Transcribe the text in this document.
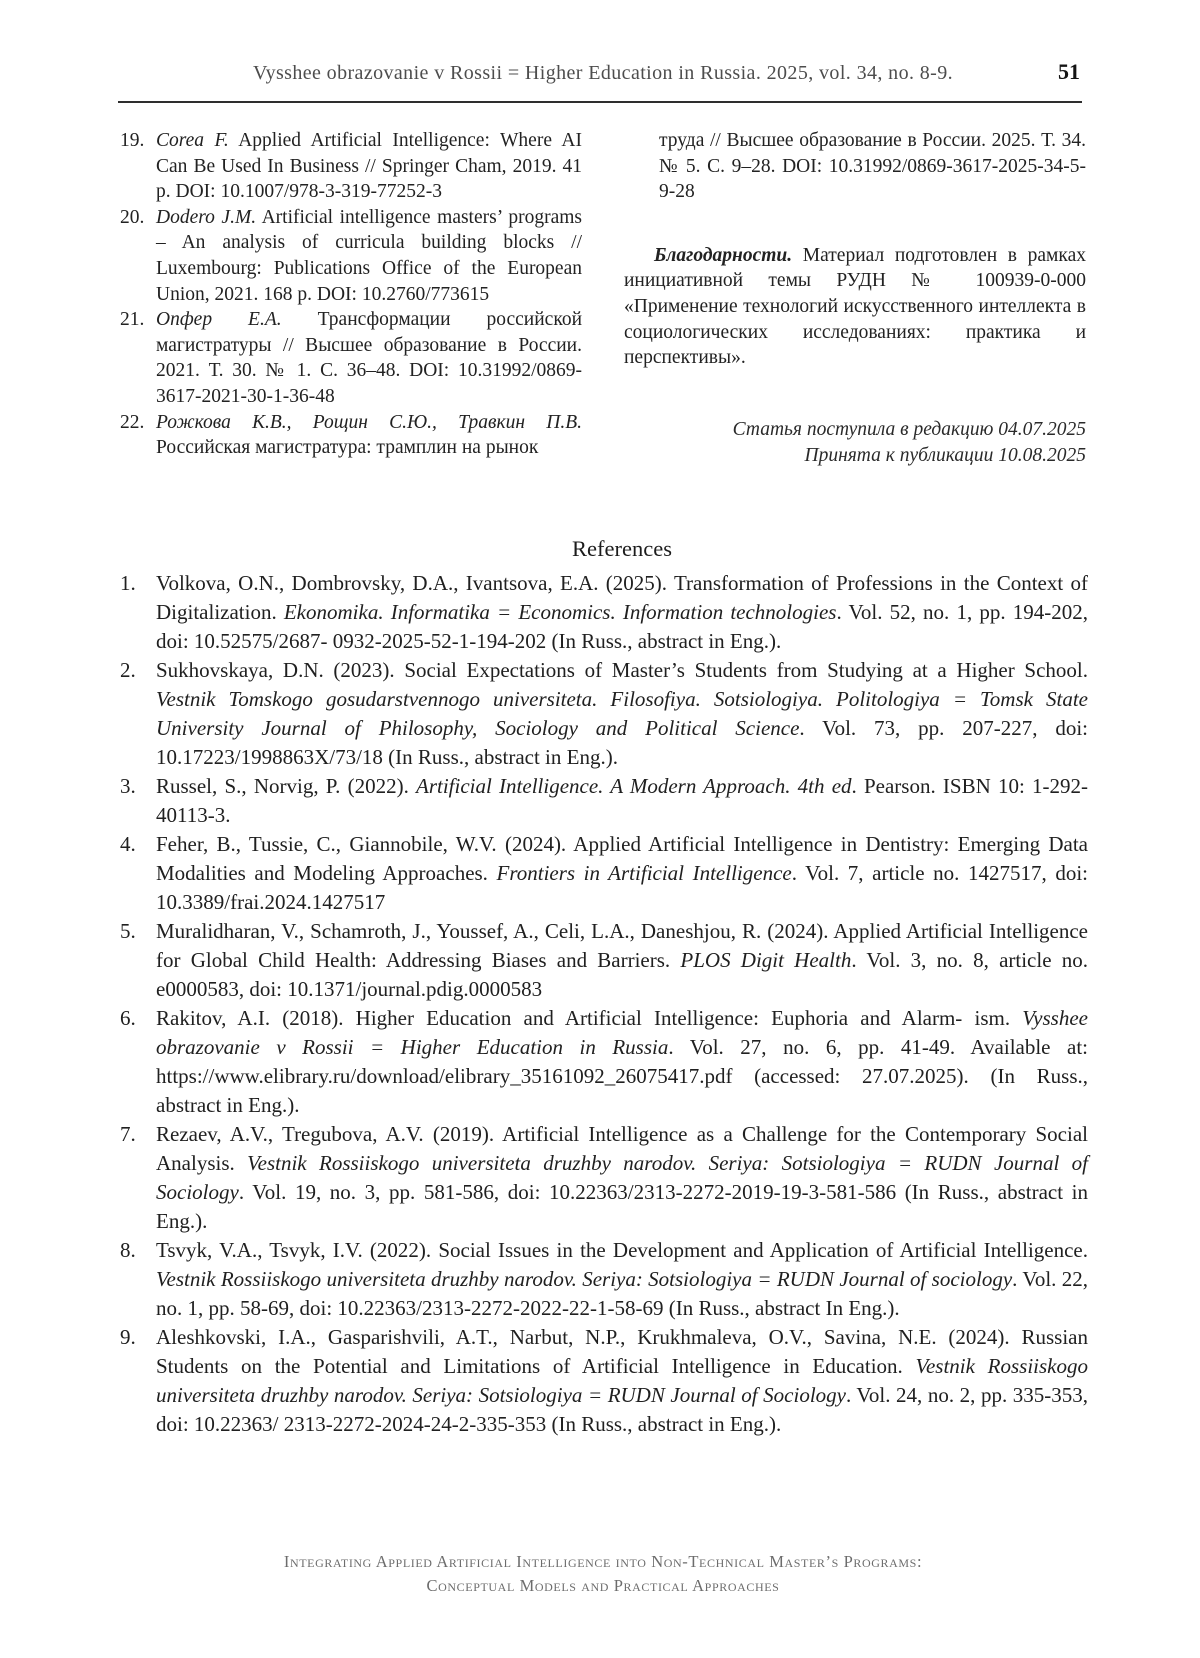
Vysshee obrazovanie v Rossii = Higher Education in Russia. 2025, vol. 34, no. 8-9.	51
19. Corea F. Applied Artificial Intelligence: Where AI Can Be Used In Business // Springer Cham, 2019. 41 p. DOI: 10.1007/978-3-319-77252-3
20. Dodero J.M. Artificial intelligence masters’ programs – An analysis of curricula building blocks // Luxembourg: Publications Office of the European Union, 2021. 168 p. DOI: 10.2760/773615
21. Опфер Е.А. Трансформации российской магистратуры // Высшее образование в России. 2021. Т. 30. № 1. С. 36–48. DOI: 10.31992/0869-3617-2021-30-1-36-48
22. Рожкова К.В., Рощин С.Ю., Травкин П.В. Российская магистратура: трамплин на рынок

труда // Высшее образование в России. 2025. Т. 34. № 5. С. 9–28. DOI: 10.31992/0869-3617-2025-34-5-9-28

Благодарности. Материал подготовлен в рамках инициативной темы РУДН № 100939-0-000 «Применение технологий искусственного интеллекта в социологических исследованиях: практика и перспективы».

Статья поступила в редакцию 04.07.2025

Принята к публикации 10.08.2025

References
1. Volkova, O.N., Dombrovsky, D.A., Ivantsova, E.A. (2025). Transformation of Professions in the Context of Digitalization. Ekonomika. Informatika = Economics. Information technologies. Vol. 52, no. 1, pp. 194-202, doi: 10.52575/2687- 0932-2025-52-1-194-202 (In Russ., abstract in Eng.).
2. Sukhovskaya, D.N. (2023). Social Expectations of Master’s Students from Studying at a Higher School. Vestnik Tomskogo gosudarstvennogo universiteta. Filosofiya. Sotsiologiya. Politologiya = Tomsk State University Journal of Philosophy, Sociology and Political Science. Vol. 73, pp. 207-227, doi: 10.17223/1998863X/73/18 (In Russ., abstract in Eng.).
3. Russel, S., Norvig, P. (2022). Artificial Intelligence. A Modern Approach. 4th ed. Pearson. ISBN 10: 1-292-40113-3.
4. Feher, B., Tussie, C., Giannobile, W.V. (2024). Applied Artificial Intelligence in Dentistry: Emerging Data Modalities and Modeling Approaches. Frontiers in Artificial Intelligence. Vol. 7, article no. 1427517, doi: 10.3389/frai.2024.1427517
5. Muralidharan, V., Schamroth, J., Youssef, A., Celi, L.A., Daneshjou, R. (2024). Applied Artificial Intelligence for Global Child Health: Addressing Biases and Barriers. PLOS Digit Health. Vol. 3, no. 8, article no. e0000583, doi: 10.1371/journal.pdig.0000583
6. Rakitov, A.I. (2018). Higher Education and Artificial Intelligence: Euphoria and Alarm- ism. Vysshee obrazovanie v Rossii = Higher Education in Russia. Vol. 27, no. 6, pp. 41-49. Available at: https://www.elibrary.ru/download/elibrary_35161092_26075417.pdf (accessed: 27.07.2025). (In Russ., abstract in Eng.).
7. Rezaev, A.V., Tregubova, A.V. (2019). Artificial Intelligence as a Challenge for the Contemporary Social Analysis. Vestnik Rossiiskogo universiteta druzhby narodov. Seriya: Sotsiologiya = RUDN Journal of Sociology. Vol. 19, no. 3, pp. 581-586, doi: 10.22363/2313-2272-2019-19-3-581-586 (In Russ., abstract in Eng.).
8. Tsvyk, V.A., Tsvyk, I.V. (2022). Social Issues in the Development and Application of Artificial Intelligence. Vestnik Rossiiskogo universiteta druzhby narodov. Seriya: Sotsiologiya = RUDN Journal of sociology. Vol. 22, no. 1, pp. 58-69, doi: 10.22363/2313-2272-2022-22-1-58-69 (In Russ., abstract In Eng.).
9. Aleshkovski, I.A., Gasparishvili, A.T., Narbut, N.P., Krukhmaleva, O.V., Savina, N.E. (2024). Russian Students on the Potential and Limitations of Artificial Intelligence in Education. Vestnik Rossiiskogo universiteta druzhby narodov. Seriya: Sotsiologiya = RUDN Journal of Sociology. Vol. 24, no. 2, pp. 335-353, doi: 10.22363/ 2313-2272-2024-24-2-335-353 (In Russ., abstract in Eng.).
Integrating Applied Artificial Intelligence into Non-Technical Master’s Programs:
Conceptual Models and Practical Approaches
